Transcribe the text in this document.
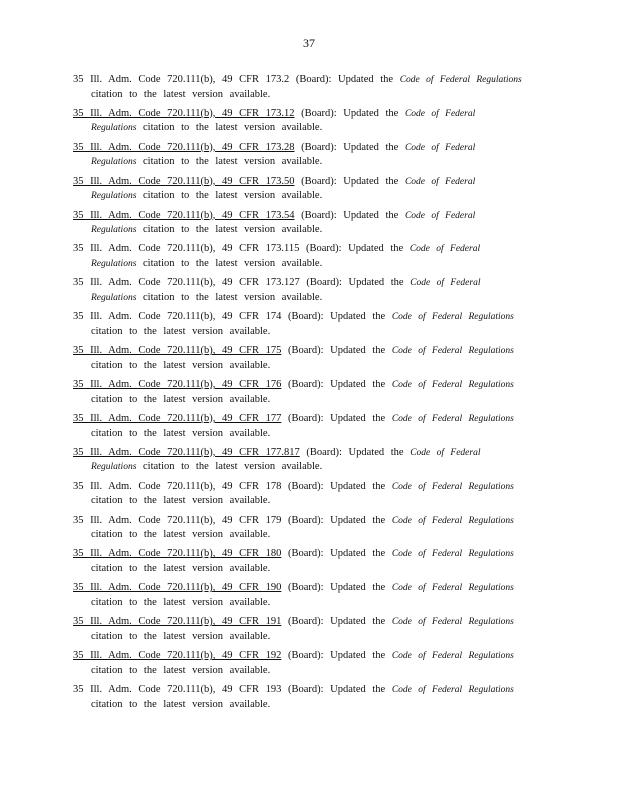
37
35 Ill. Adm. Code 720.111(b), 49 CFR 173.2 (Board): Updated the Code of Federal Regulations
citation to the latest version available.
35 Ill. Adm. Code 720.111(b), 49 CFR 173.12 (Board): Updated the Code of Federal
Regulations citation to the latest version available.
35 Ill. Adm. Code 720.111(b), 49 CFR 173.28 (Board): Updated the Code of Federal
Regulations citation to the latest version available.
35 Ill. Adm. Code 720.111(b), 49 CFR 173.50 (Board): Updated the Code of Federal
Regulations citation to the latest version available.
35 Ill. Adm. Code 720.111(b), 49 CFR 173.54 (Board): Updated the Code of Federal
Regulations citation to the latest version available.
35 Ill. Adm. Code 720.111(b), 49 CFR 173.115 (Board): Updated the Code of Federal
Regulations citation to the latest version available.
35 Ill. Adm. Code 720.111(b), 49 CFR 173.127 (Board): Updated the Code of Federal
Regulations citation to the latest version available.
35 Ill. Adm. Code 720.111(b), 49 CFR 174 (Board): Updated the Code of Federal Regulations
citation to the latest version available.
35 Ill. Adm. Code 720.111(b), 49 CFR 175 (Board): Updated the Code of Federal Regulations
citation to the latest version available.
35 Ill. Adm. Code 720.111(b), 49 CFR 176 (Board): Updated the Code of Federal Regulations
citation to the latest version available.
35 Ill. Adm. Code 720.111(b), 49 CFR 177 (Board): Updated the Code of Federal Regulations
citation to the latest version available.
35 Ill. Adm. Code 720.111(b), 49 CFR 177.817 (Board): Updated the Code of Federal
Regulations citation to the latest version available.
35 Ill. Adm. Code 720.111(b), 49 CFR 178 (Board): Updated the Code of Federal Regulations
citation to the latest version available.
35 Ill. Adm. Code 720.111(b), 49 CFR 179 (Board): Updated the Code of Federal Regulations
citation to the latest version available.
35 Ill. Adm. Code 720.111(b), 49 CFR 180 (Board): Updated the Code of Federal Regulations
citation to the latest version available.
35 Ill. Adm. Code 720.111(b), 49 CFR 190 (Board): Updated the Code of Federal Regulations
citation to the latest version available.
35 Ill. Adm. Code 720.111(b), 49 CFR 191 (Board): Updated the Code of Federal Regulations
citation to the latest version available.
35 Ill. Adm. Code 720.111(b), 49 CFR 192 (Board): Updated the Code of Federal Regulations
citation to the latest version available.
35 Ill. Adm. Code 720.111(b), 49 CFR 193 (Board): Updated the Code of Federal Regulations
citation to the latest version available.
